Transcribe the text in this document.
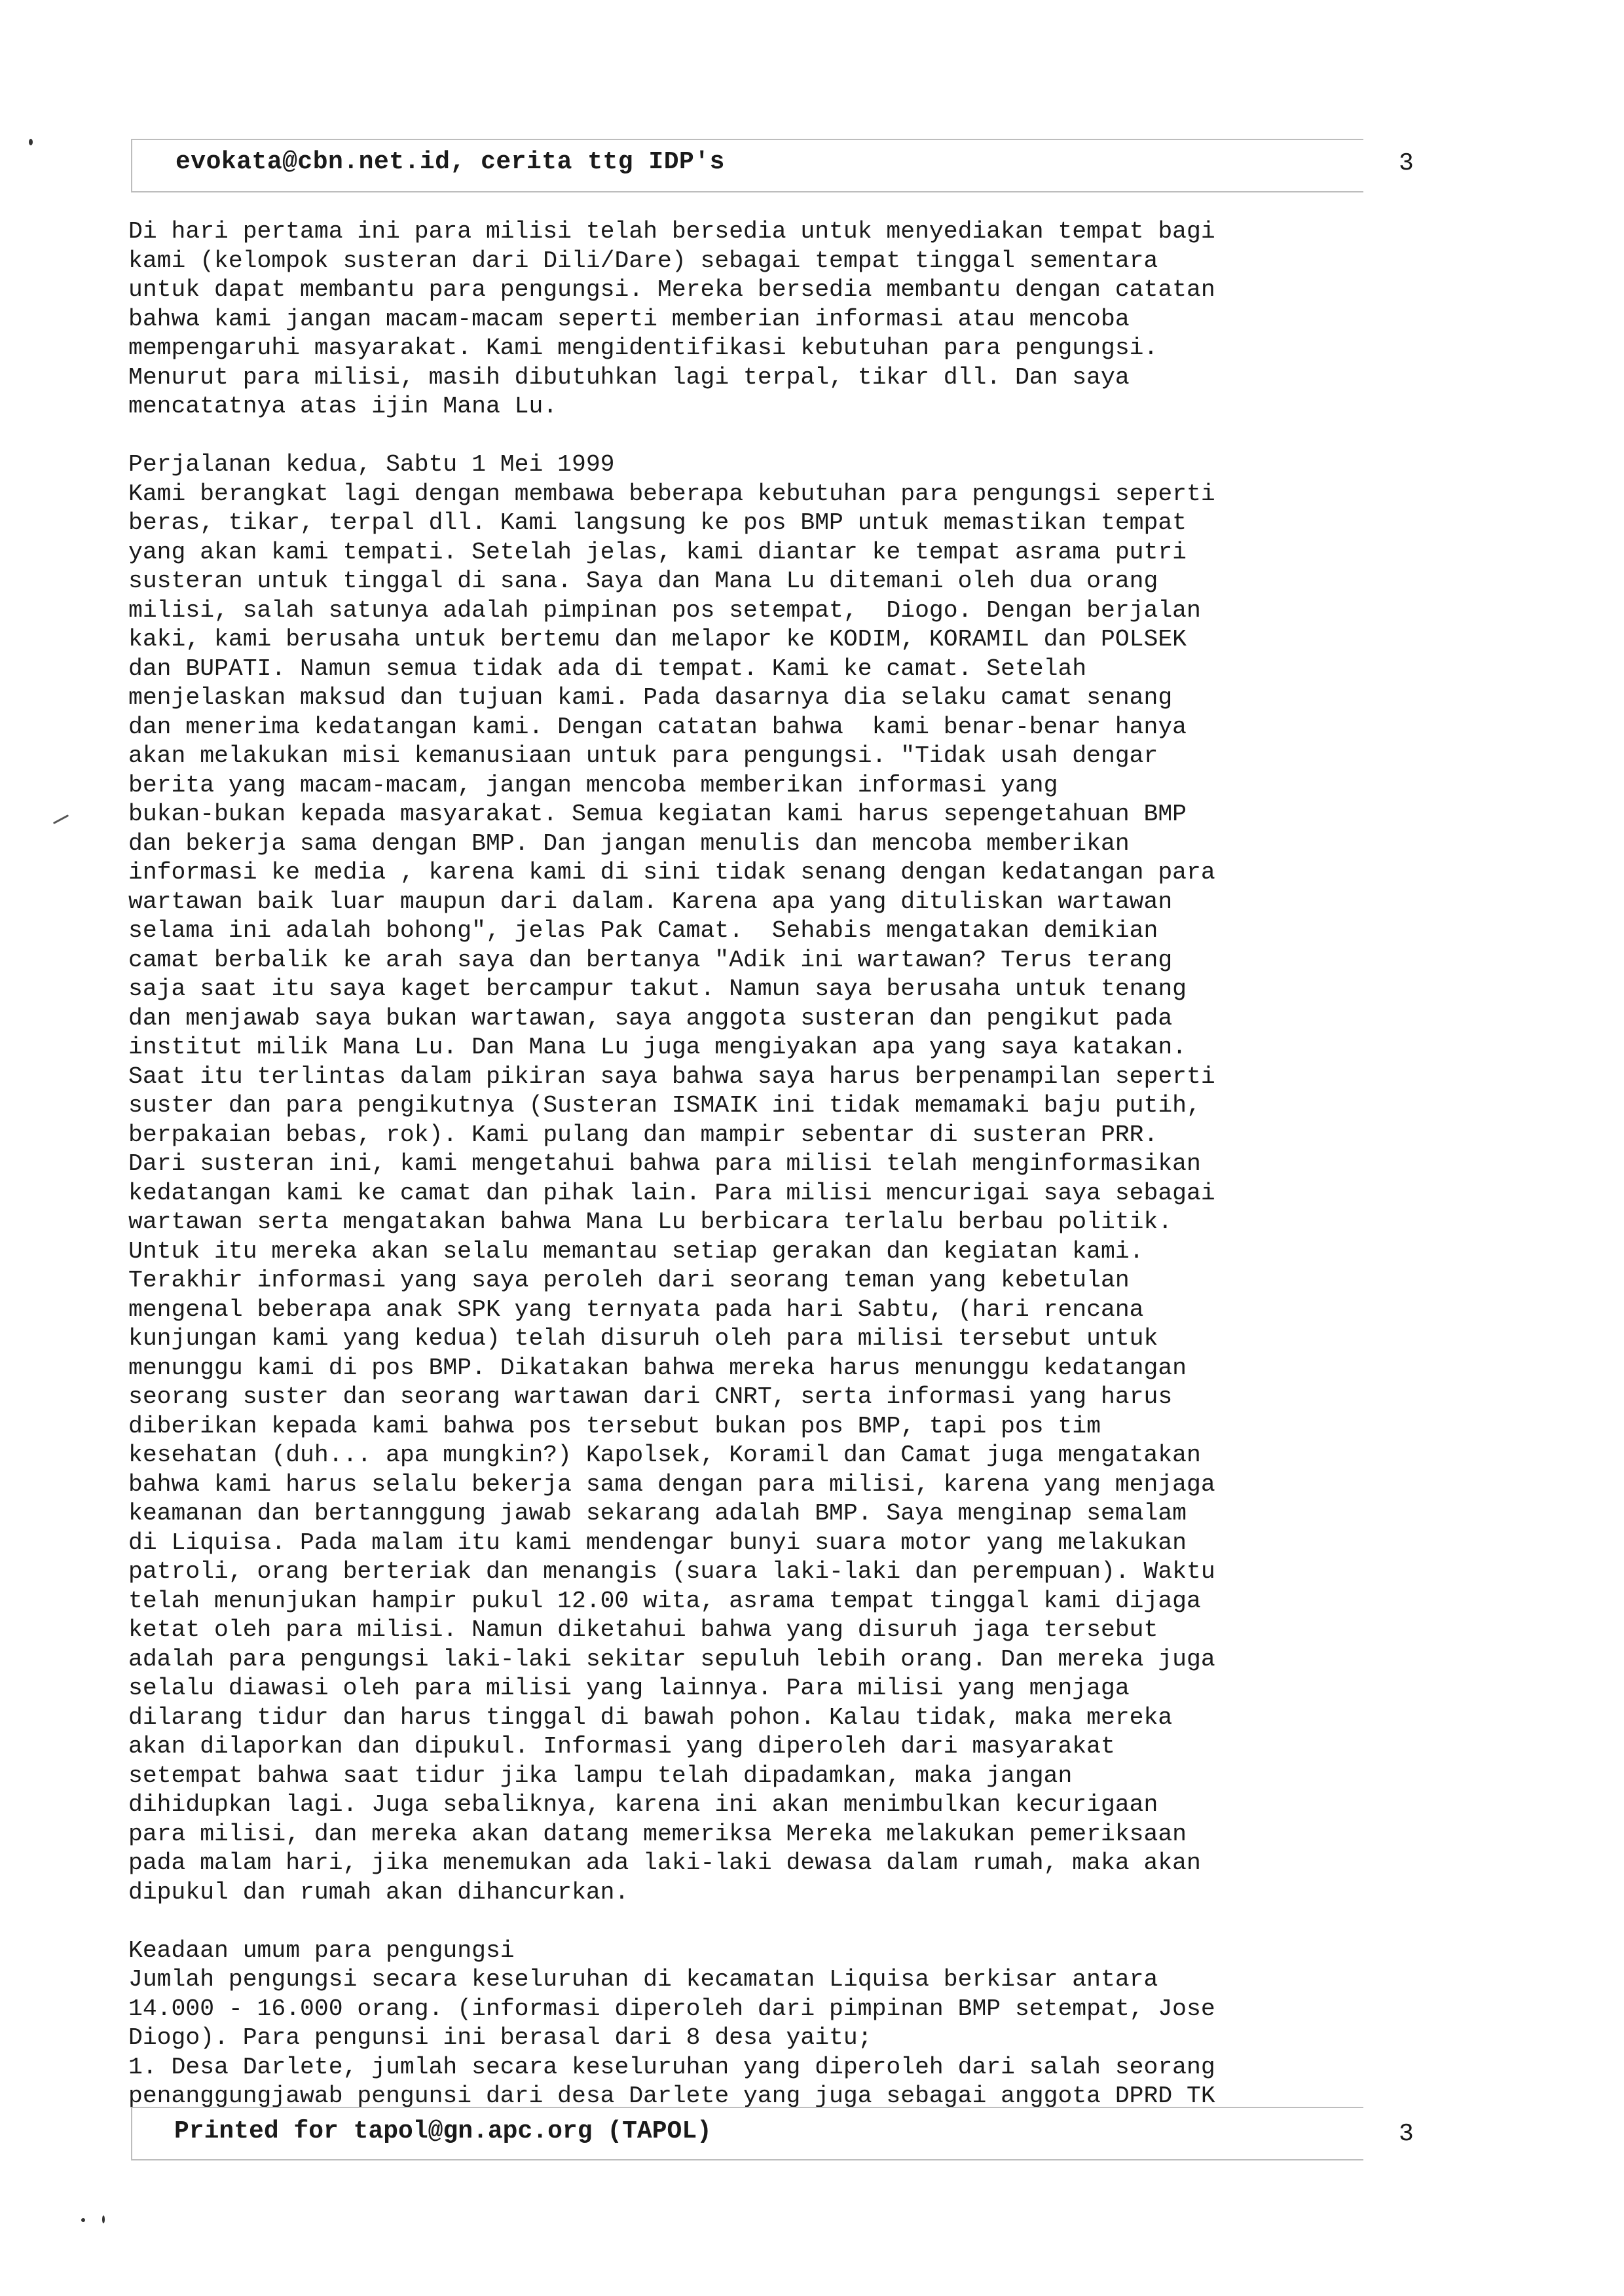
evokata@cbn.net.id, cerita ttg IDP's	3
Di hari pertama ini para milisi telah bersedia untuk menyediakan tempat bagi
kami (kelompok susteran dari Dili/Dare) sebagai tempat tinggal sementara
untuk dapat membantu para pengungsi. Mereka bersedia membantu dengan catatan
bahwa kami jangan macam-macam seperti memberian informasi atau mencoba
mempengaruhi masyarakat. Kami mengidentifikasi kebutuhan para pengungsi.
Menurut para milisi, masih dibutuhkan lagi terpal, tikar dll. Dan saya
mencatatnya atas ijin Mana Lu.

Perjalanan kedua, Sabtu 1 Mei 1999
Kami berangkat lagi dengan membawa beberapa kebutuhan para pengungsi seperti
beras, tikar, terpal dll. Kami langsung ke pos BMP untuk memastikan tempat
yang akan kami tempati. Setelah jelas, kami diantar ke tempat asrama putri
susteran untuk tinggal di sana. Saya dan Mana Lu ditemani oleh dua orang
milisi, salah satunya adalah pimpinan pos setempat,  Diogo. Dengan berjalan
kaki, kami berusaha untuk bertemu dan melapor ke KODIM, KORAMIL dan POLSEK
dan BUPATI. Namun semua tidak ada di tempat. Kami ke camat. Setelah
menjelaskan maksud dan tujuan kami. Pada dasarnya dia selaku camat senang
dan menerima kedatangan kami. Dengan catatan bahwa  kami benar-benar hanya
akan melakukan misi kemanusiaan untuk para pengungsi. "Tidak usah dengar
berita yang macam-macam, jangan mencoba memberikan informasi yang
bukan-bukan kepada masyarakat. Semua kegiatan kami harus sepengetahuan BMP
dan bekerja sama dengan BMP. Dan jangan menulis dan mencoba memberikan
informasi ke media , karena kami di sini tidak senang dengan kedatangan para
wartawan baik luar maupun dari dalam. Karena apa yang dituliskan wartawan
selama ini adalah bohong", jelas Pak Camat.  Sehabis mengatakan demikian
camat berbalik ke arah saya dan bertanya "Adik ini wartawan? Terus terang
saja saat itu saya kaget bercampur takut. Namun saya berusaha untuk tenang
dan menjawab saya bukan wartawan, saya anggota susteran dan pengikut pada
institut milik Mana Lu. Dan Mana Lu juga mengiyakan apa yang saya katakan.
Saat itu terlintas dalam pikiran saya bahwa saya harus berpenampilan seperti
suster dan para pengikutnya (Susteran ISMAIK ini tidak memamaki baju putih,
berpakaian bebas, rok). Kami pulang dan mampir sebentar di susteran PRR.
Dari susteran ini, kami mengetahui bahwa para milisi telah menginformasikan
kedatangan kami ke camat dan pihak lain. Para milisi mencurigai saya sebagai
wartawan serta mengatakan bahwa Mana Lu berbicara terlalu berbau politik.
Untuk itu mereka akan selalu memantau setiap gerakan dan kegiatan kami.
Terakhir informasi yang saya peroleh dari seorang teman yang kebetulan
mengenal beberapa anak SPK yang ternyata pada hari Sabtu, (hari rencana
kunjungan kami yang kedua) telah disuruh oleh para milisi tersebut untuk
menunggu kami di pos BMP. Dikatakan bahwa mereka harus menunggu kedatangan
seorang suster dan seorang wartawan dari CNRT, serta informasi yang harus
diberikan kepada kami bahwa pos tersebut bukan pos BMP, tapi pos tim
kesehatan (duh... apa mungkin?) Kapolsek, Koramil dan Camat juga mengatakan
bahwa kami harus selalu bekerja sama dengan para milisi, karena yang menjaga
keamanan dan bertannggung jawab sekarang adalah BMP. Saya menginap semalam
di Liquisa. Pada malam itu kami mendengar bunyi suara motor yang melakukan
patroli, orang berteriak dan menangis (suara laki-laki dan perempuan). Waktu
telah menunjukan hampir pukul 12.00 wita, asrama tempat tinggal kami dijaga
ketat oleh para milisi. Namun diketahui bahwa yang disuruh jaga tersebut
adalah para pengungsi laki-laki sekitar sepuluh lebih orang. Dan mereka juga
selalu diawasi oleh para milisi yang lainnya. Para milisi yang menjaga
dilarang tidur dan harus tinggal di bawah pohon. Kalau tidak, maka mereka
akan dilaporkan dan dipukul. Informasi yang diperoleh dari masyarakat
setempat bahwa saat tidur jika lampu telah dipadamkan, maka jangan
dihidupkan lagi. Juga sebaliknya, karena ini akan menimbulkan kecurigaan
para milisi, dan mereka akan datang memeriksa Mereka melakukan pemeriksaan
pada malam hari, jika menemukan ada laki-laki dewasa dalam rumah, maka akan
dipukul dan rumah akan dihancurkan.

Keadaan umum para pengungsi
Jumlah pengungsi secara keseluruhan di kecamatan Liquisa berkisar antara
14.000 - 16.000 orang. (informasi diperoleh dari pimpinan BMP setempat, Jose
Diogo). Para pengunsi ini berasal dari 8 desa yaitu;
1. Desa Darlete, jumlah secara keseluruhan yang diperoleh dari salah seorang
penanggungjawab pengunsi dari desa Darlete yang juga sebagai anggota DPRD TK
Printed for tapol@gn.apc.org (TAPOL)	3
